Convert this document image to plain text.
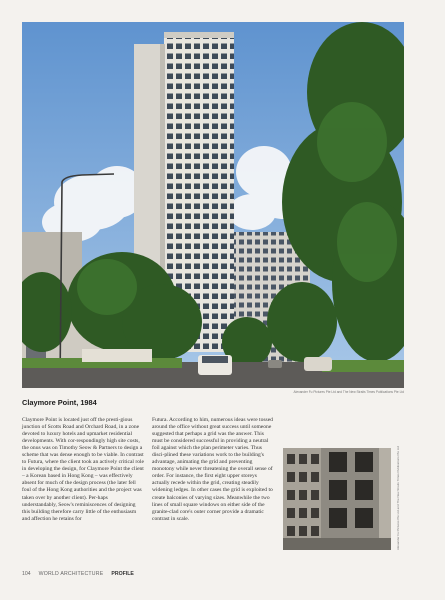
Alexander Fu Pictures Pte Ltd and The New Straits Times Publications Pte Ltd
Claymore Point, 1984

Claymore Point is located just off the presti-gious junction of Scotts Road and Orchard Road, in a zone devoted to luxury hotels and upmarket residential developments. With cor-respondingly high site costs, the onus was on Timothy Seow & Partners to design a scheme that was dense enough to be viable. In contrast to Futura, where the client took an actively critical role in developing the design, for Claymore Point the client – a Korean based in Hong Kong – was effectively absent for much of the design process (the later fell foul of the Hong Kong authorities and the project was taken over by another client). Per-haps understandably, Seow's reminiscences of designing this building therefore carry little of the enthusiasm and affection he retains for

Futura. According to him, numerous ideas were tossed around the office without great success until someone suggested that perhaps a grid was the answer. This must be considered successful in providing a neutral foil against which the plan perimeter varies. Thus disci-plined these variations work to the building's advantage, animating the grid and preventing monotony while never threatening the overall sense of order. For instance, the first eight upper storeys actually recede within the grid, creating steadily widening ledges. In other cases the grid is exploited to create balconies of varying sizes. Meanwhile the two lines of small square windows on either side of the granite-clad core's outer corner provide a dramatic contrast in scale.	Alexander Fu Pictures Pte Ltd and The New Straits Times Publications Pte Ltd
104 WORLD ARCHITECTURE PROFILE
